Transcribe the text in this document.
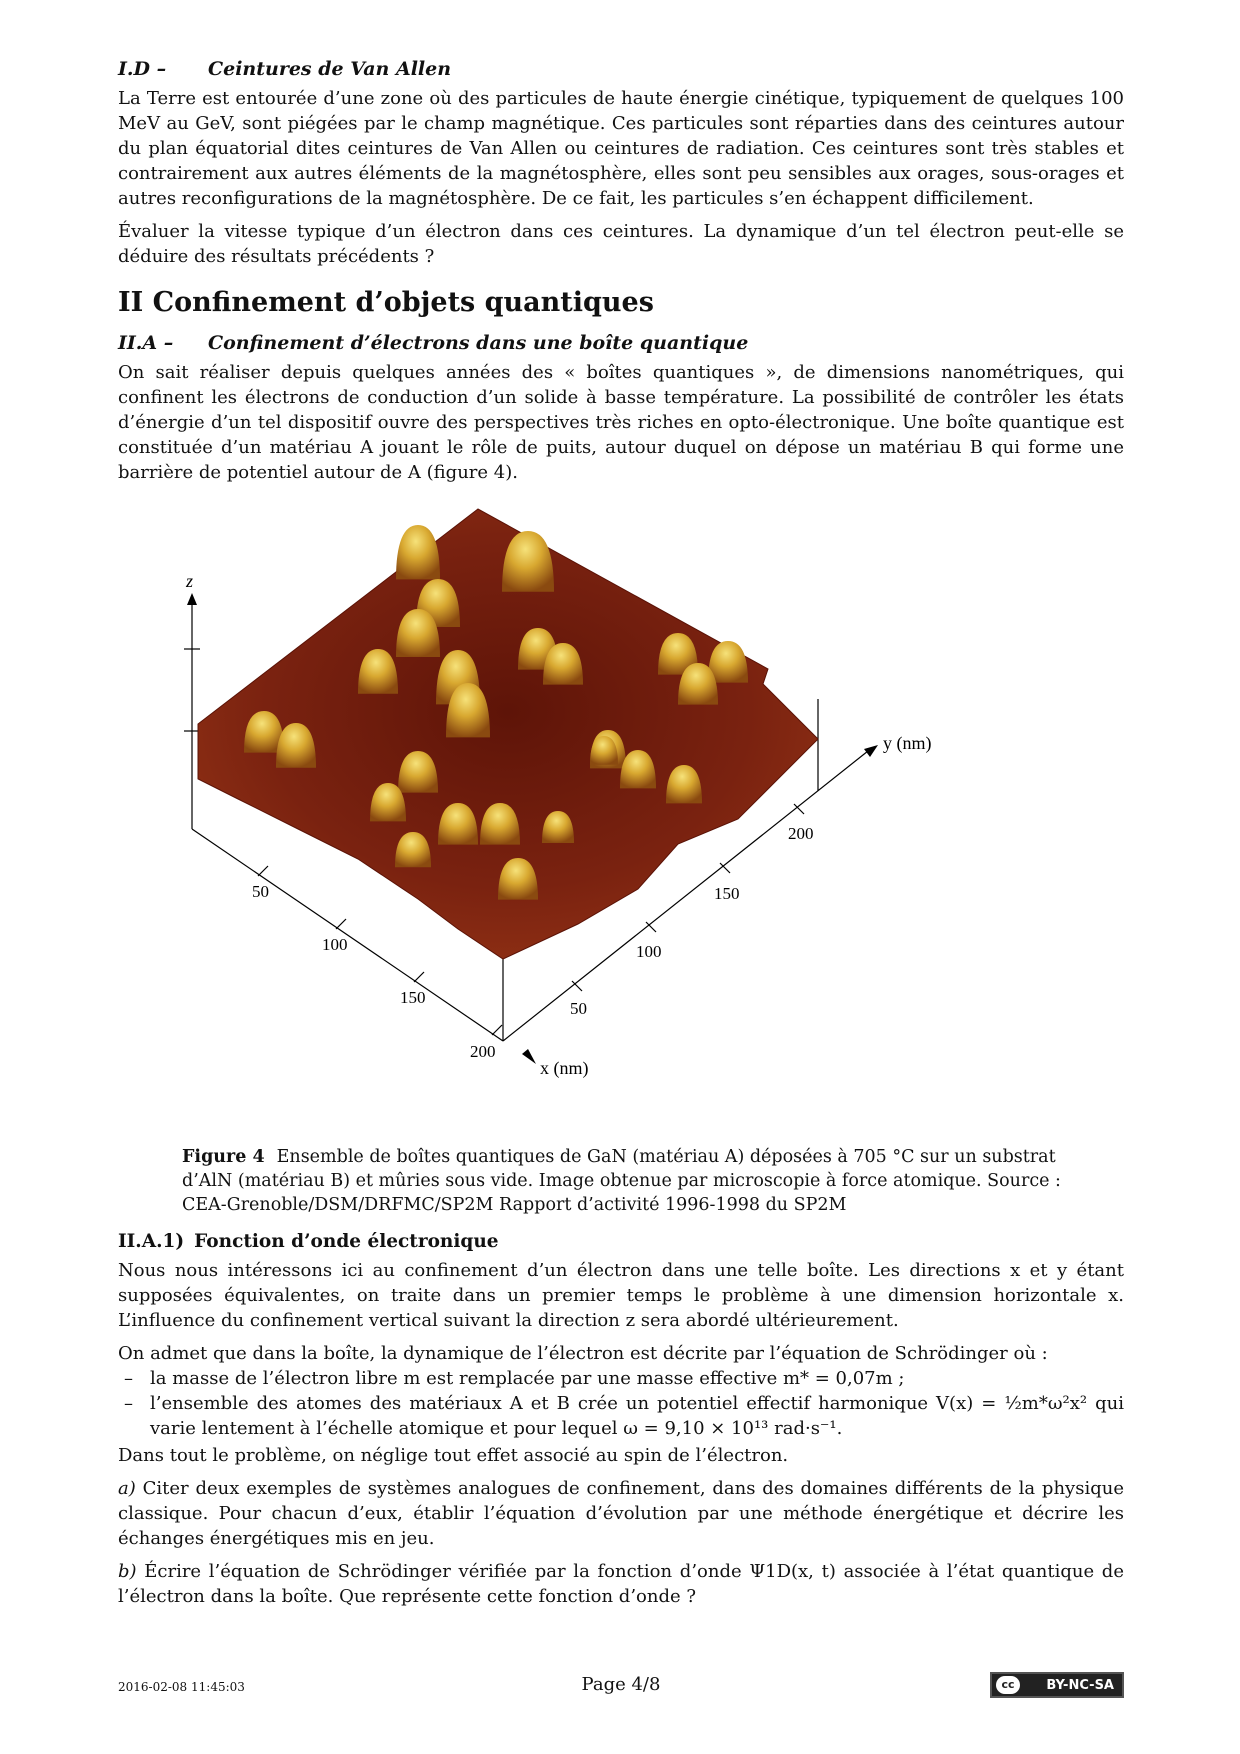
I.D – Ceintures de Van Allen

La Terre est entourée d’une zone où des particules de haute énergie cinétique, typiquement de quelques 100 MeV au GeV, sont piégées par le champ magnétique. Ces particules sont réparties dans des ceintures autour du plan équatorial dites ceintures de Van Allen ou ceintures de radiation. Ces ceintures sont très stables et contrairement aux autres éléments de la magnétosphère, elles sont peu sensibles aux orages, sous-orages et autres reconfigurations de la magnétosphère. De ce fait, les particules s’en échappent difficilement.

Évaluer la vitesse typique d’un électron dans ces ceintures. La dynamique d’un tel électron peut-elle se déduire des résultats précédents ?

II Confinement d’objets quantiques
II.A – Confinement d’électrons dans une boîte quantique

On sait réaliser depuis quelques années des « boîtes quantiques », de dimensions nanométriques, qui confinent les électrons de conduction d’un solide à basse température. La possibilité de contrôler les états d’énergie d’un tel dispositif ouvre des perspectives très riches en opto-électronique. Une boîte quantique est constituée d’un matériau A jouant le rôle de puits, autour duquel on dépose un matériau B qui forme une barrière de potentiel autour de A (figure 4).

z
y (nm)
x (nm)
50
100
150
200
50
100
150
200
Figure 4 Ensemble de boîtes quantiques de GaN (matériau A) déposées à 705 °C sur un substrat d’AlN (matériau B) et mûries sous vide. Image obtenue par microscopie à force atomique. Source : CEA-Grenoble/DSM/DRFMC/SP2M Rapport d’activité 1996-1998 du SP2M
II.A.1) Fonction d’onde électronique

Nous nous intéressons ici au confinement d’un électron dans une telle boîte. Les directions x et y étant supposées équivalentes, on traite dans un premier temps le problème à une dimension horizontale x. L’influence du confinement vertical suivant la direction z sera abordé ultérieurement.

On admet que dans la boîte, la dynamique de l’électron est décrite par l’équation de Schrödinger où :

– la masse de l’électron libre m est remplacée par une masse effective m* = 0,07m ;
– l’ensemble des atomes des matériaux A et B crée un potentiel effectif harmonique V(x) = ½m*ω²x² qui varie lentement à l’échelle atomique et pour lequel ω = 9,10 × 10¹³ rad·s⁻¹.

Dans tout le problème, on néglige tout effet associé au spin de l’électron.

a) Citer deux exemples de systèmes analogues de confinement, dans des domaines différents de la physique classique. Pour chacun d’eux, établir l’équation d’évolution par une méthode énergétique et décrire les échanges énergétiques mis en jeu.

b) Écrire l’équation de Schrödinger vérifiée par la fonction d’onde Ψ1D(x, t) associée à l’état quantique de l’électron dans la boîte. Que représente cette fonction d’onde ?

2016-02-08 11:45:03	Page 4/8	cc	BY-NC-SA
